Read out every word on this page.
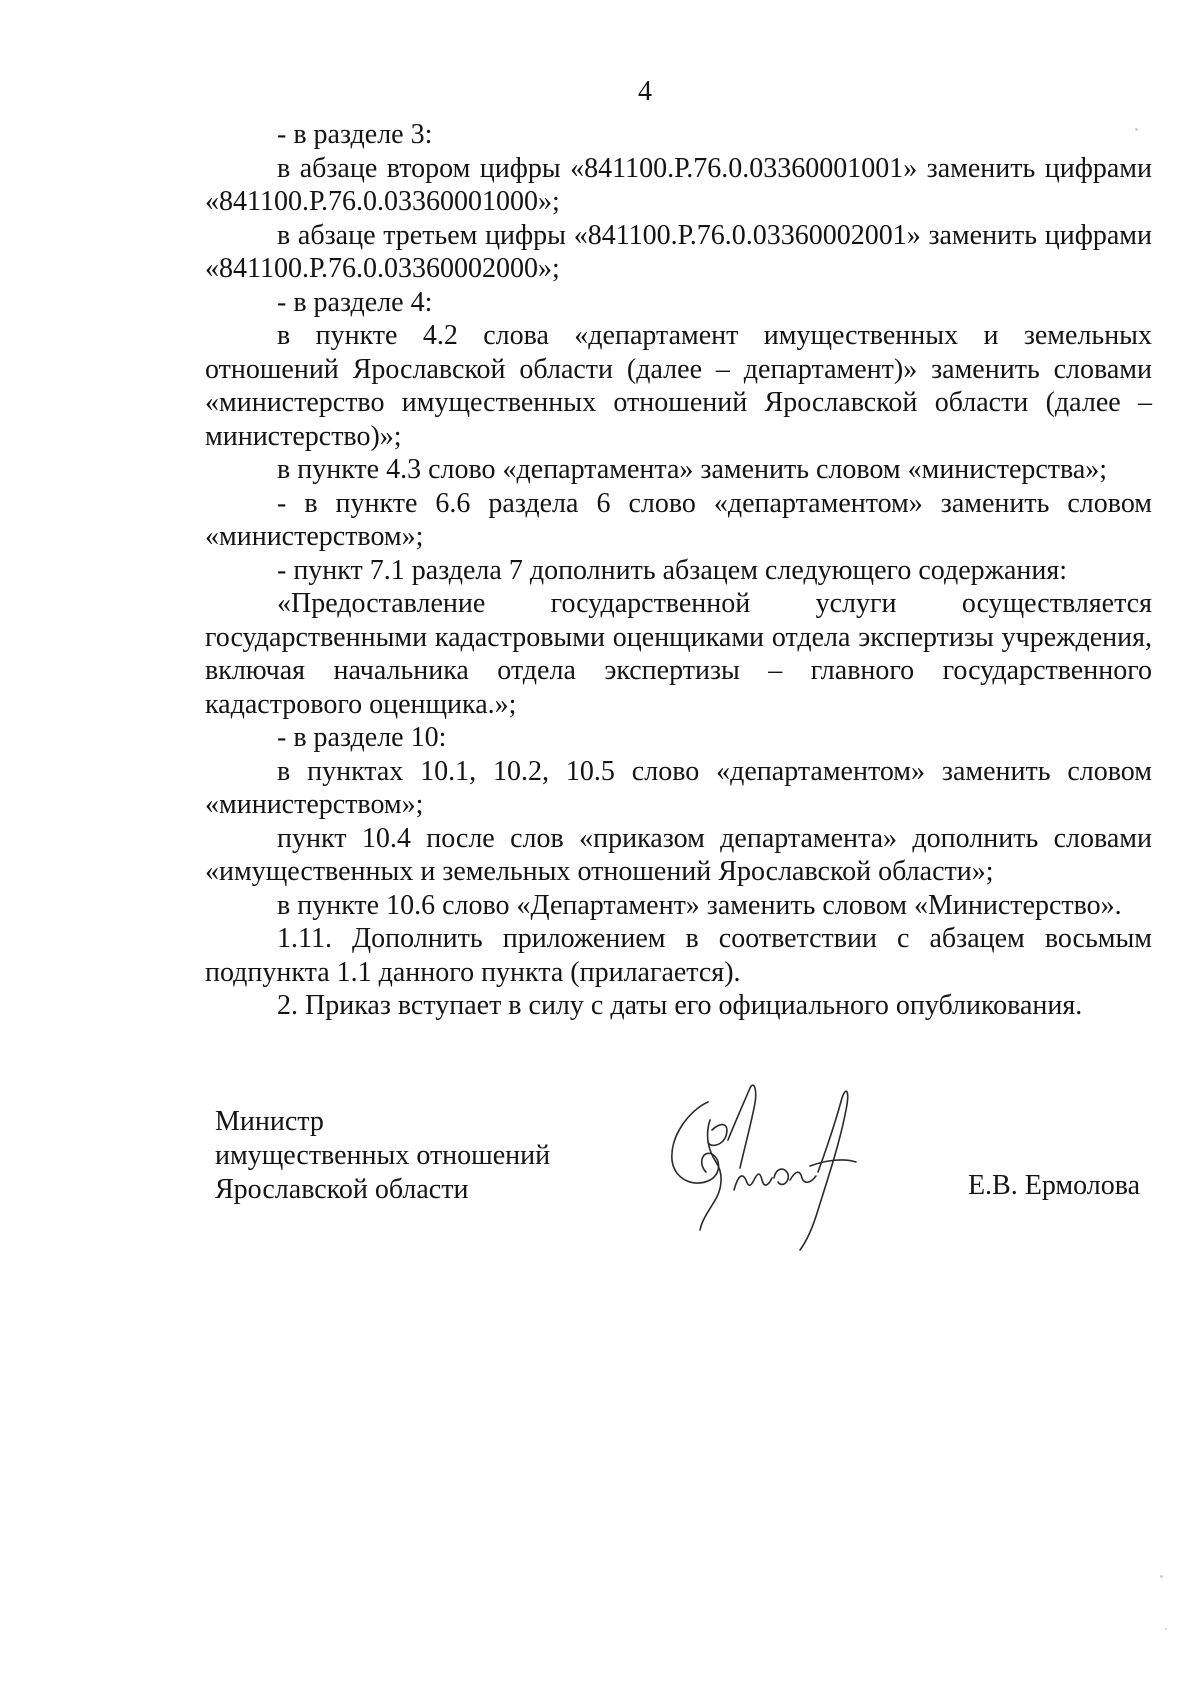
4

- в разделе 3:

в абзаце втором цифры «841100.Р.76.0.03360001001» заменить цифрами «841100.Р.76.0.03360001000»;

в абзаце третьем цифры «841100.Р.76.0.03360002001» заменить цифрами «841100.Р.76.0.03360002000»;

- в разделе 4:

в пункте 4.2 слова «департамент имущественных и земельных отношений Ярославской области (далее – департамент)» заменить словами «министерство имущественных отношений Ярославской области (далее – министерство)»;

в пункте 4.3 слово «департамента» заменить словом «министерства»;

- в пункте 6.6 раздела 6 слово «департаментом» заменить словом «министерством»;

- пункт 7.1 раздела 7 дополнить абзацем следующего содержания:

«Предоставление государственной услуги осуществляется государственными кадастровыми оценщиками отдела экспертизы учреждения, включая начальника отдела экспертизы – главного государственного кадастрового оценщика.»;

- в разделе 10:

в пунктах 10.1, 10.2, 10.5 слово «департаментом» заменить словом «министерством»;

пункт 10.4 после слов «приказом департамента» дополнить словами «имущественных и земельных отношений Ярославской области»;

в пункте 10.6 слово «Департамент» заменить словом «Министерство».

1.11. Дополнить приложением в соответствии с абзацем восьмым подпункта 1.1 данного пункта (прилагается).

2. Приказ вступает в силу с даты его официального опубликования.

Министр
имущественных отношений
Ярославской области	Е.В. Ермолова
